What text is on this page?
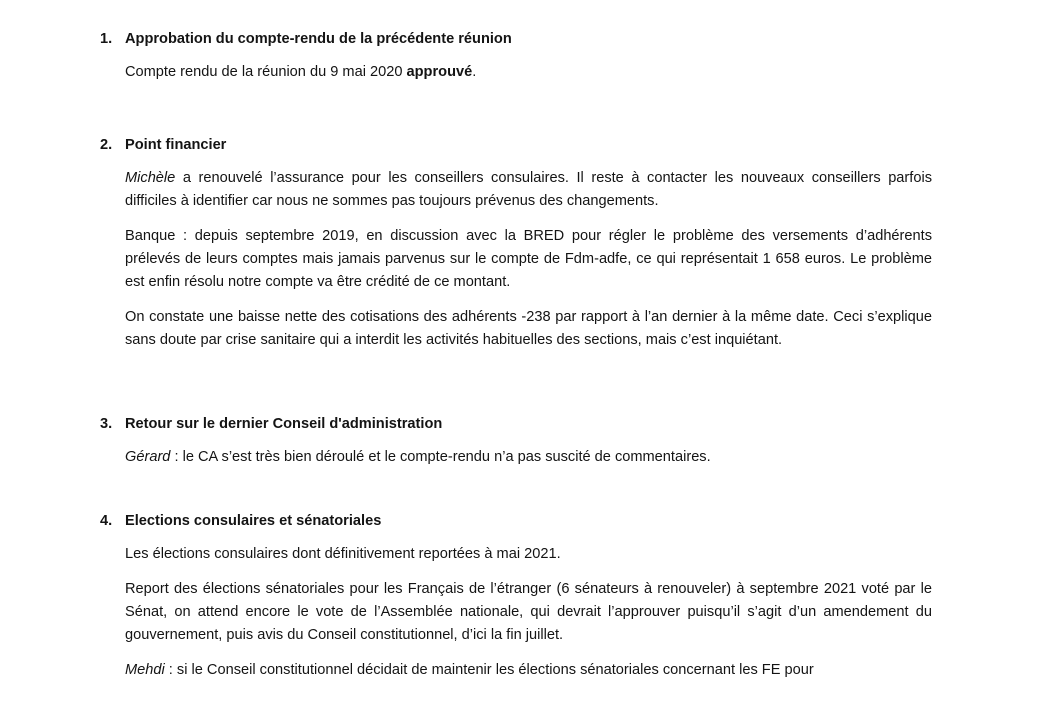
1. Approbation du compte-rendu de la précédente réunion

Compte rendu de la réunion du 9 mai 2020 approuvé.

2. Point financier

Michèle a renouvelé l’assurance pour les conseillers consulaires. Il reste à contacter les nouveaux conseillers parfois difficiles à identifier car nous ne sommes pas toujours prévenus des changements.

Banque : depuis septembre 2019, en discussion avec la BRED pour régler le problème des versements d’adhérents prélevés de leurs comptes mais jamais parvenus sur le compte de Fdm-adfe, ce qui représentait 1 658 euros. Le problème est enfin résolu notre compte va être crédité de ce montant.

On constate une baisse nette des cotisations des adhérents -238 par rapport à l’an dernier à la même date. Ceci s’explique sans doute par crise sanitaire qui a interdit les activités habituelles des sections, mais c’est inquiétant.

3. Retour sur le dernier Conseil d'administration

Gérard : le CA s’est très bien déroulé et le compte-rendu n’a pas suscité de commentaires.

4. Elections consulaires et sénatoriales

Les élections consulaires dont définitivement reportées à mai 2021.

Report des élections sénatoriales pour les Français de l’étranger (6 sénateurs à renouveler) à septembre 2021 voté par le Sénat, on attend encore le vote de l’Assemblée nationale, qui devrait l’approuver puisqu’il s’agit d’un amendement du gouvernement, puis avis du Conseil constitutionnel, d’ici la fin juillet.

Mehdi : si le Conseil constitutionnel décidait de maintenir les élections sénatoriales concernant les FE pour
